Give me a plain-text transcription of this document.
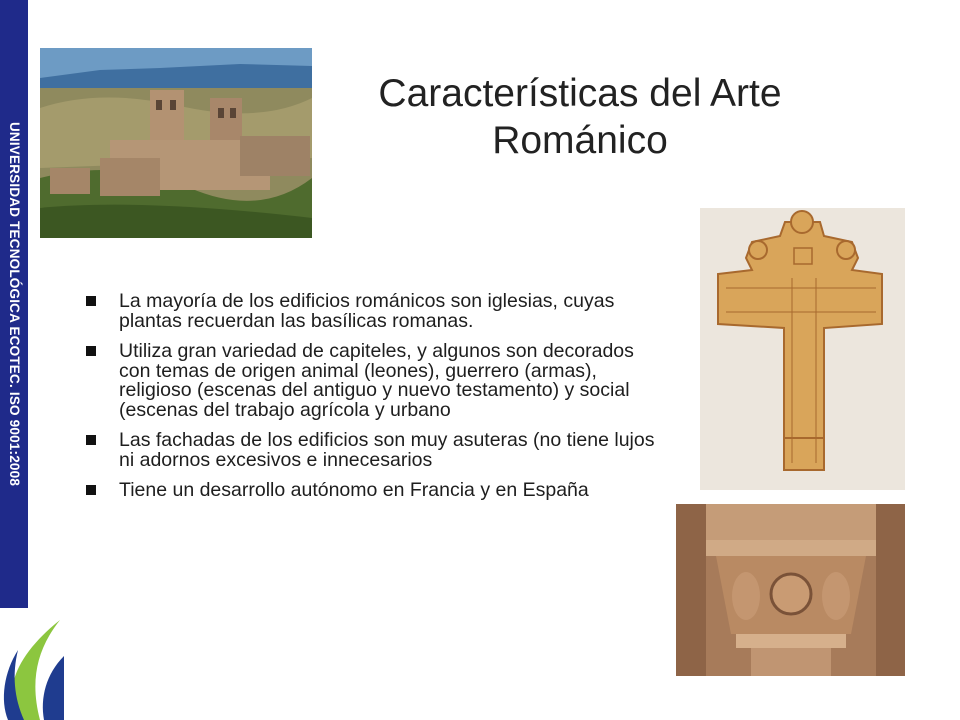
UNIVERSIDAD TECNOLÓGICA ECOTEC. ISO 9001:2008
Características del Arte
Románico
La mayoría de los edificios románicos son iglesias, cuyas plantas recuerdan las basílicas romanas.
Utiliza gran variedad de capiteles, y algunos son decorados con temas de origen animal (leones), guerrero (armas), religioso (escenas del antiguo y nuevo testamento) y social (escenas del trabajo agrícola y urbano
Las fachadas de los edificios son muy asuteras (no tiene lujos ni adornos excesivos e innecesarios
Tiene un desarrollo autónomo en Francia y en España
